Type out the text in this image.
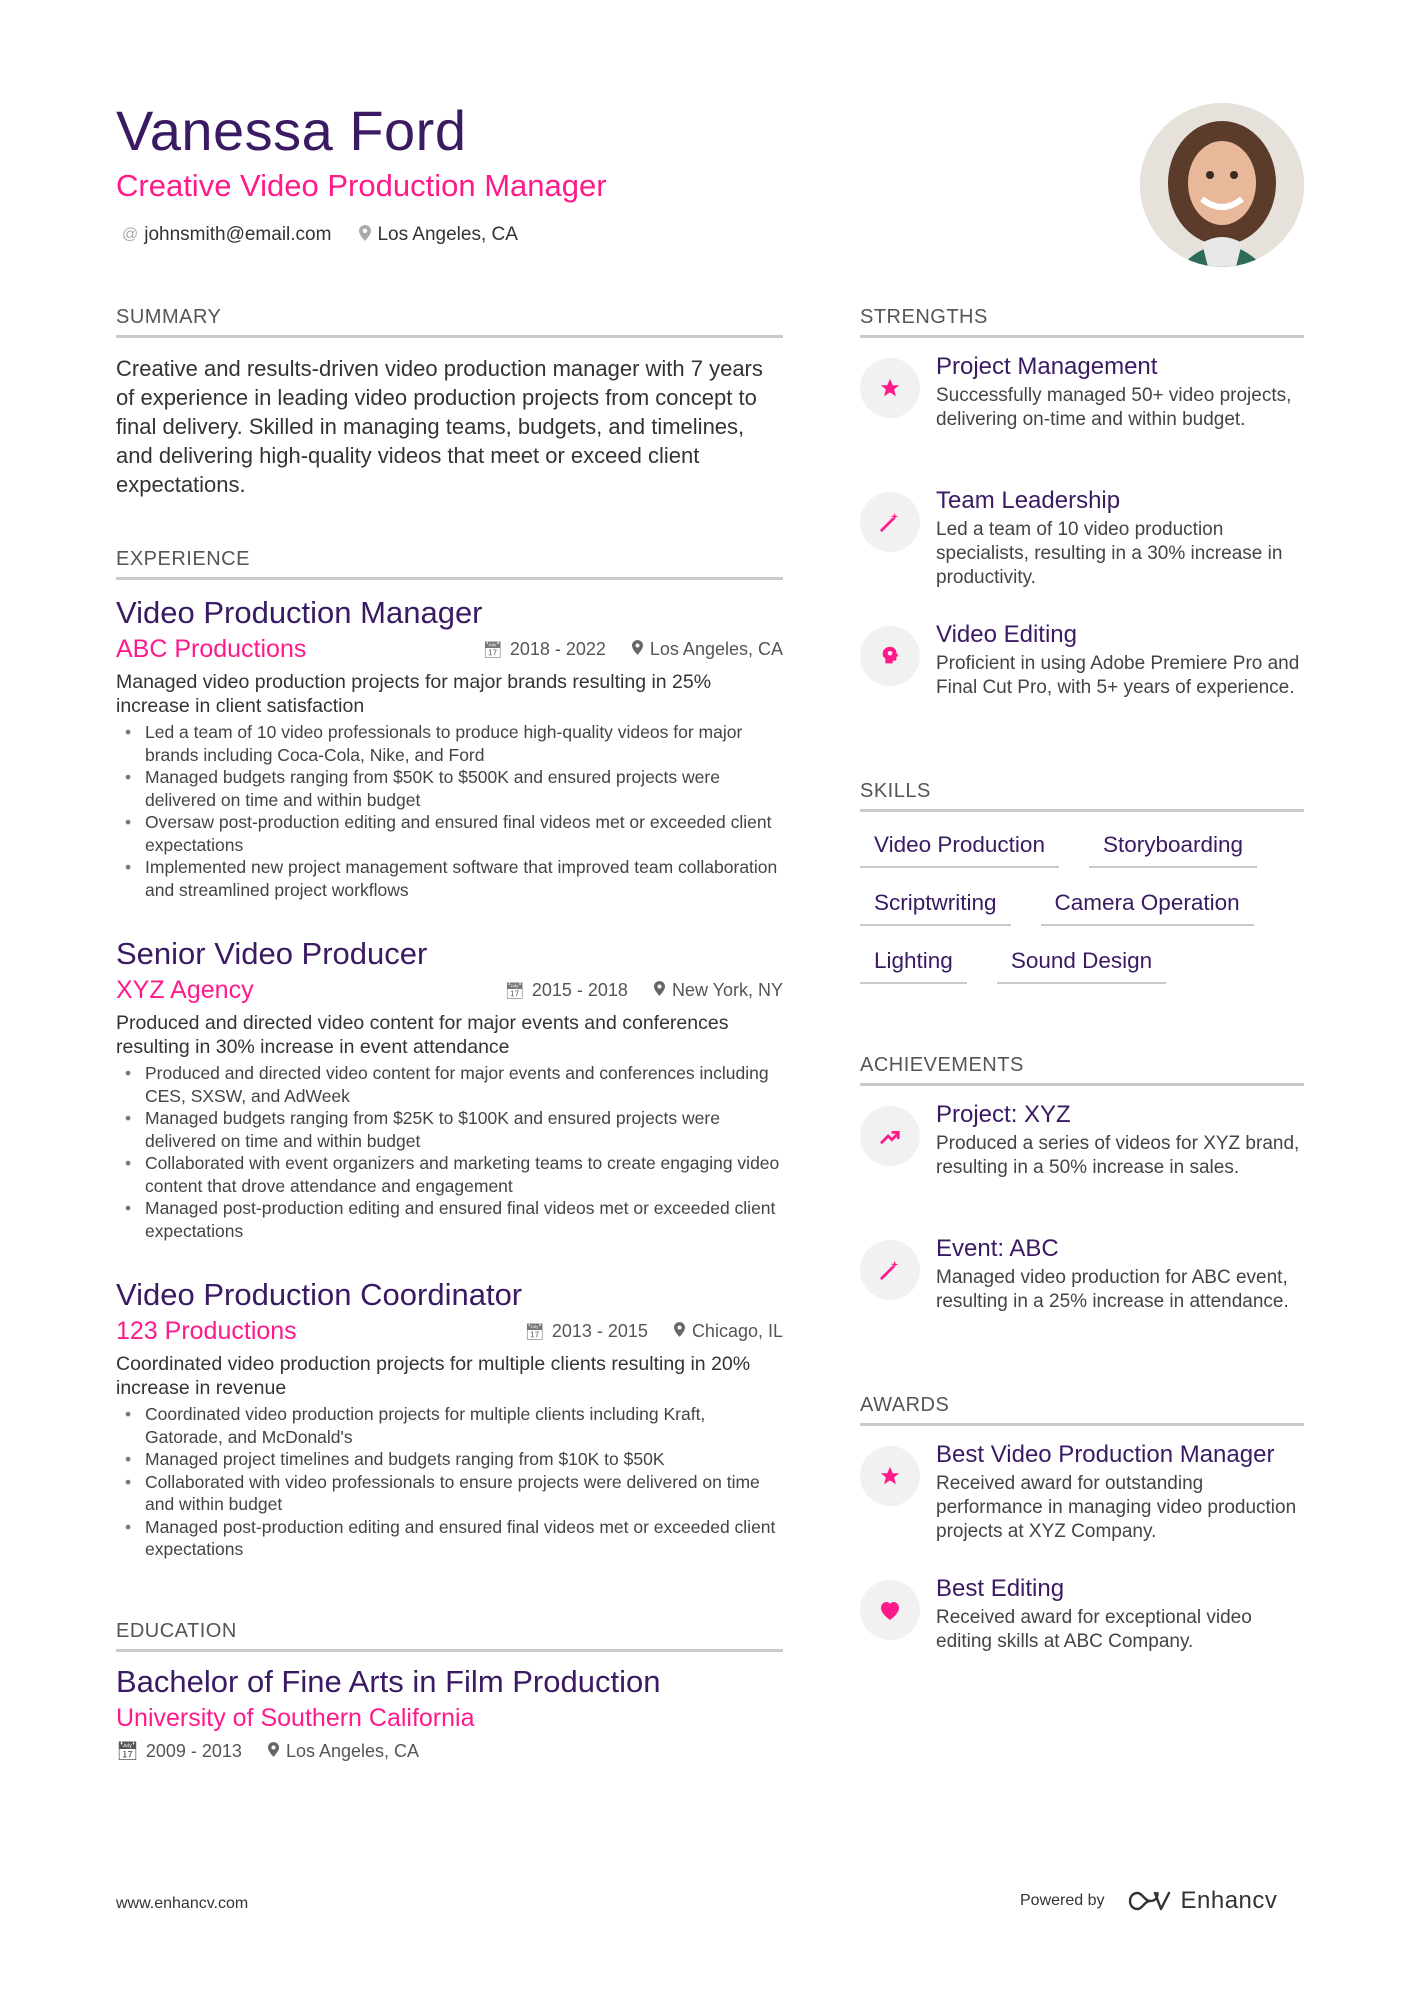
Vanessa Ford
Creative Video Production Manager
@ johnsmith@email.com Los Angeles, CA
SUMMARY
Creative and results-driven video production manager with 7 years of experience in leading video production projects from concept to final delivery. Skilled in managing teams, budgets, and timelines, and delivering high-quality videos that meet or exceed client expectations.
EXPERIENCE
Video Production Manager
ABC Productions	📅︎ 2018 - 2022 Los Angeles, CA
Managed video production projects for major brands resulting in 25% increase in client satisfaction
• Led a team of 10 video professionals to produce high-quality videos for major brands including Coca-Cola, Nike, and Ford
• Managed budgets ranging from $50K to $500K and ensured projects were delivered on time and within budget
• Oversaw post-production editing and ensured final videos met or exceeded client expectations
• Implemented new project management software that improved team collaboration and streamlined project workflows
Senior Video Producer
XYZ Agency	📅︎ 2015 - 2018 New York, NY
Produced and directed video content for major events and conferences resulting in 30% increase in event attendance
• Produced and directed video content for major events and conferences including CES, SXSW, and AdWeek
• Managed budgets ranging from $25K to $100K and ensured projects were delivered on time and within budget
• Collaborated with event organizers and marketing teams to create engaging video content that drove attendance and engagement
• Managed post-production editing and ensured final videos met or exceeded client expectations
Video Production Coordinator
123 Productions	📅︎ 2013 - 2015 Chicago, IL
Coordinated video production projects for multiple clients resulting in 20% increase in revenue
• Coordinated video production projects for multiple clients including Kraft, Gatorade, and McDonald's
• Managed project timelines and budgets ranging from $10K to $50K
• Collaborated with video professionals to ensure projects were delivered on time and within budget
• Managed post-production editing and ensured final videos met or exceeded client expectations
EDUCATION
Bachelor of Fine Arts in Film Production
University of Southern California
📅︎ 2009 - 2013 Los Angeles, CA
STRENGTHS
Project Management
Successfully managed 50+ video projects, delivering on-time and within budget.
Team Leadership
Led a team of 10 video production specialists, resulting in a 30% increase in productivity.
Video Editing
Proficient in using Adobe Premiere Pro and Final Cut Pro, with 5+ years of experience.
SKILLS
Video Production	Storyboarding
Scriptwriting	Camera Operation
Lighting	Sound Design
ACHIEVEMENTS
Project: XYZ
Produced a series of videos for XYZ brand, resulting in a 50% increase in sales.
Event: ABC
Managed video production for ABC event, resulting in a 25% increase in attendance.
AWARDS
Best Video Production Manager
Received award for outstanding performance in managing video production projects at XYZ Company.
Best Editing
Received award for exceptional video editing skills at ABC Company.
www.enhancv.com	Powered by	Enhancv
